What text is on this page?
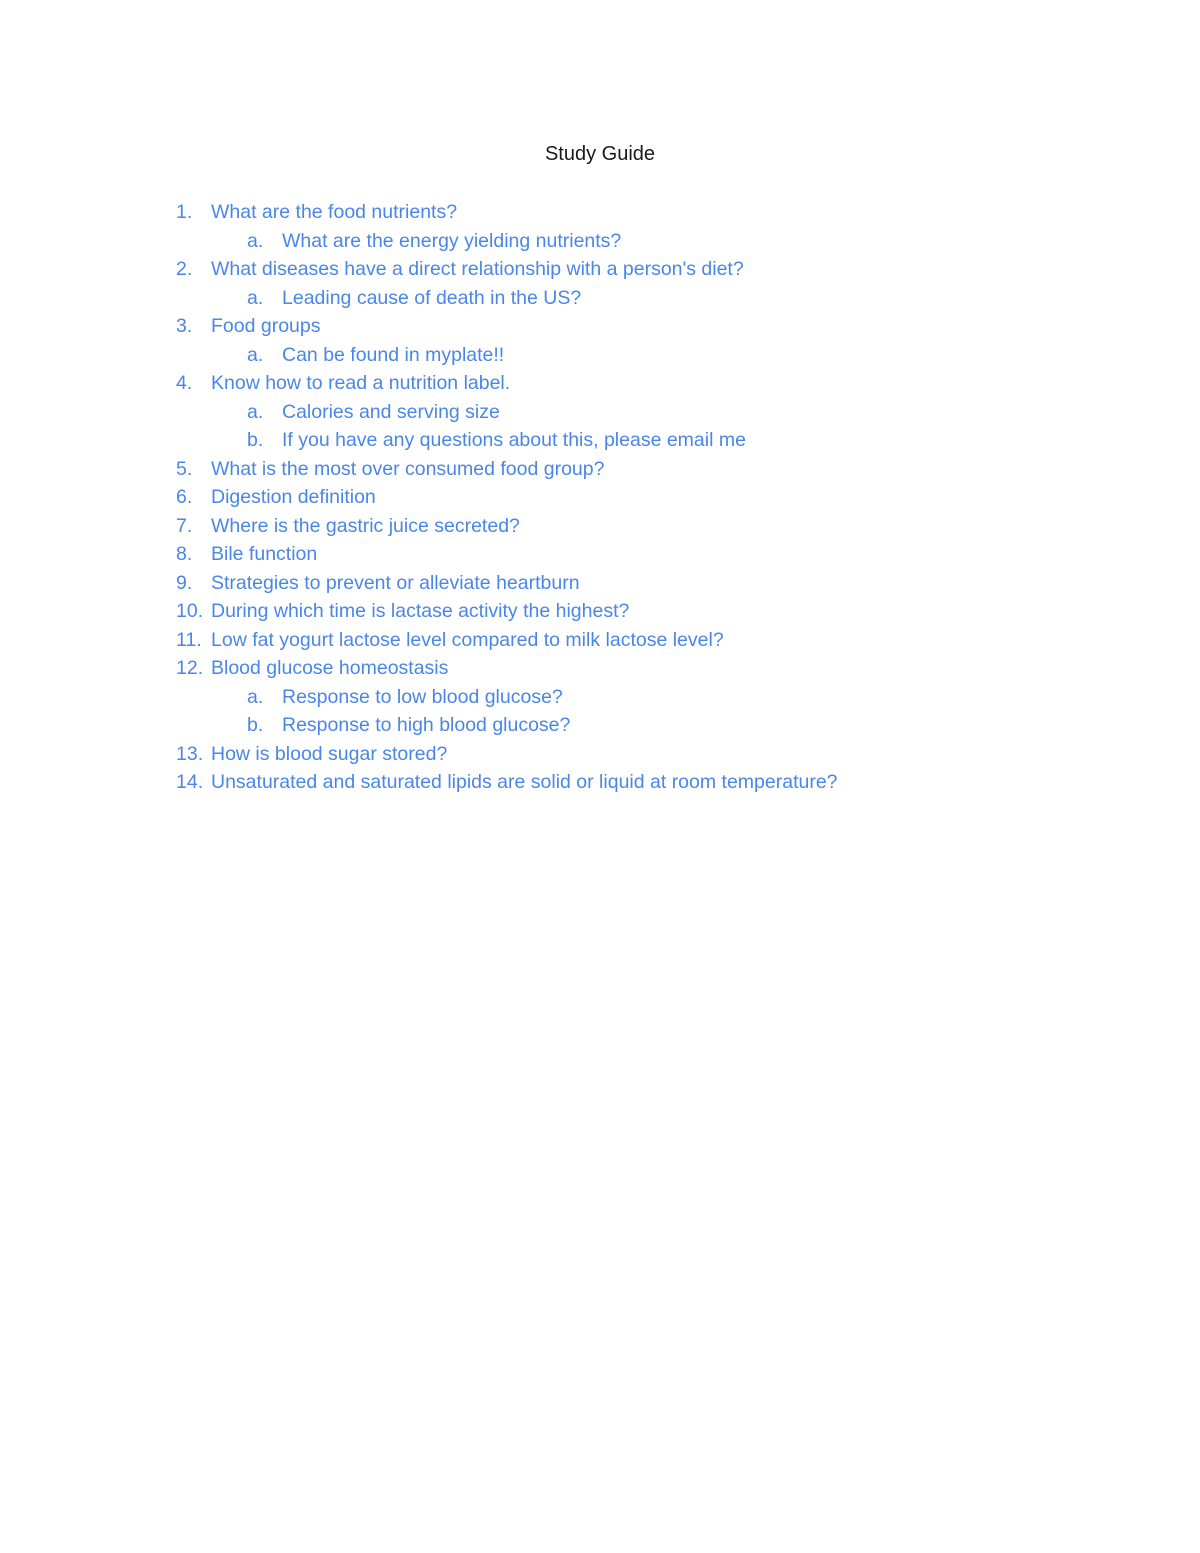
Study Guide
1. What are the food nutrients?
a. What are the energy yielding nutrients?
2. What diseases have a direct relationship with a person's diet?
a. Leading cause of death in the US?
3. Food groups
a. Can be found in myplate!!
4. Know how to read a nutrition label.
a. Calories and serving size
b. If you have any questions about this, please email me
5. What is the most over consumed food group?
6. Digestion definition
7. Where is the gastric juice secreted?
8. Bile function
9. Strategies to prevent or alleviate heartburn
10. During which time is lactase activity the highest?
11. Low fat yogurt lactose level compared to milk lactose level?
12. Blood glucose homeostasis
a. Response to low blood glucose?
b. Response to high blood glucose?
13. How is blood sugar stored?
14. Unsaturated and saturated lipids are solid or liquid at room temperature?
